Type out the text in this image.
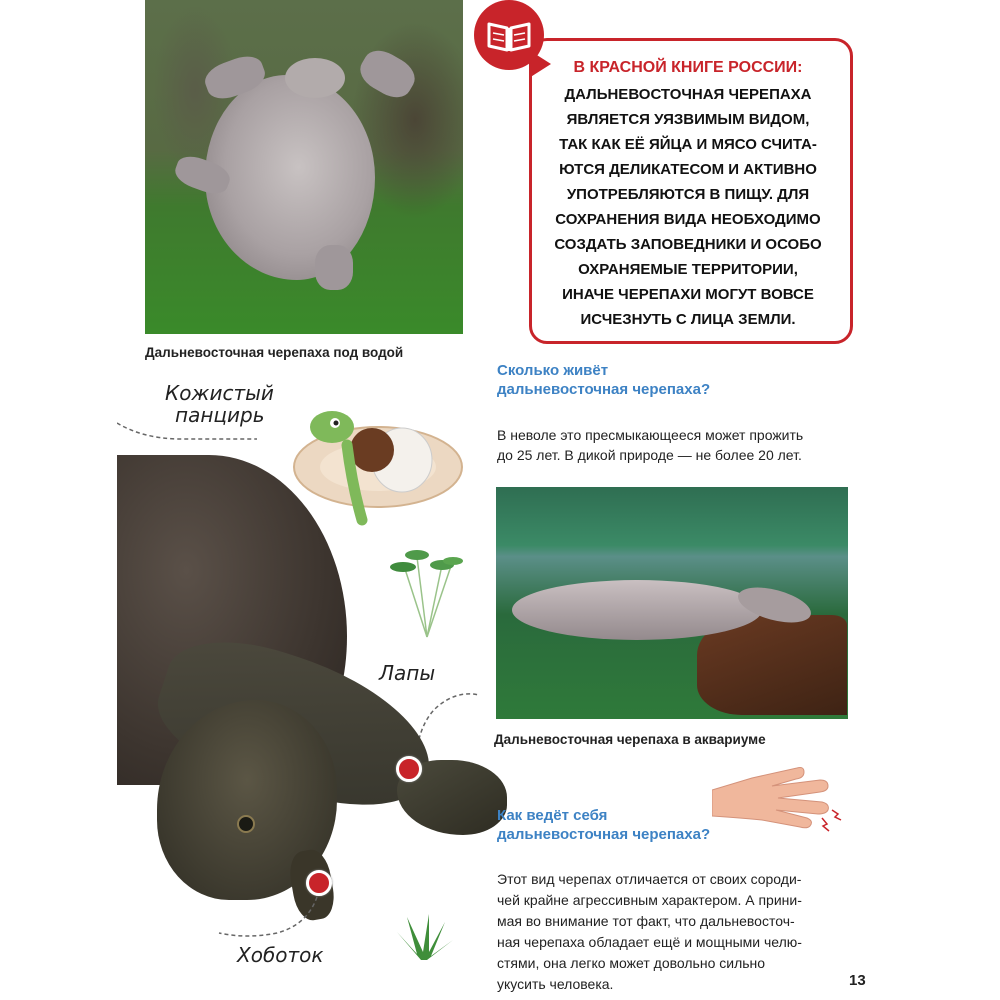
Дальневосточная черепаха под водой
В КРАСНОЙ КНИГЕ РОССИИ:
ДАЛЬНЕВОСТОЧНАЯ ЧЕРЕПАХА
ЯВЛЯЕТСЯ УЯЗВИМЫМ ВИДОМ,
ТАК КАК ЕЁ ЯЙЦА И МЯСО СЧИТА-
ЮТСЯ ДЕЛИКАТЕСОМ И АКТИВНО
УПОТРЕБЛЯЮТСЯ В ПИЩУ. ДЛЯ
СОХРАНЕНИЯ ВИДА НЕОБХОДИМО
СОЗДАТЬ ЗАПОВЕДНИКИ И ОСОБО
ОХРАНЯЕМЫЕ ТЕРРИТОРИИ,
ИНАЧЕ ЧЕРЕПАХИ МОГУТ ВОВСЕ
ИСЧЕЗНУТЬ С ЛИЦА ЗЕМЛИ.
Кожистый
панцирь
Лапы
Хоботок
Сколько живёт
дальневосточная черепаха?
В неволе это пресмыкающееся может прожить
до 25 лет. В дикой природе — не более 20 лет.
Дальневосточная черепаха в аквариуме
Как ведёт себя
дальневосточная черепаха?
Этот вид черепах отличается от своих сороди-
чей крайне агрессивным характером. А прини-
мая во внимание тот факт, что дальневосточ-
ная черепаха обладает ещё и мощными челю-
стями, она легко может довольно сильно
укусить человека.	13
